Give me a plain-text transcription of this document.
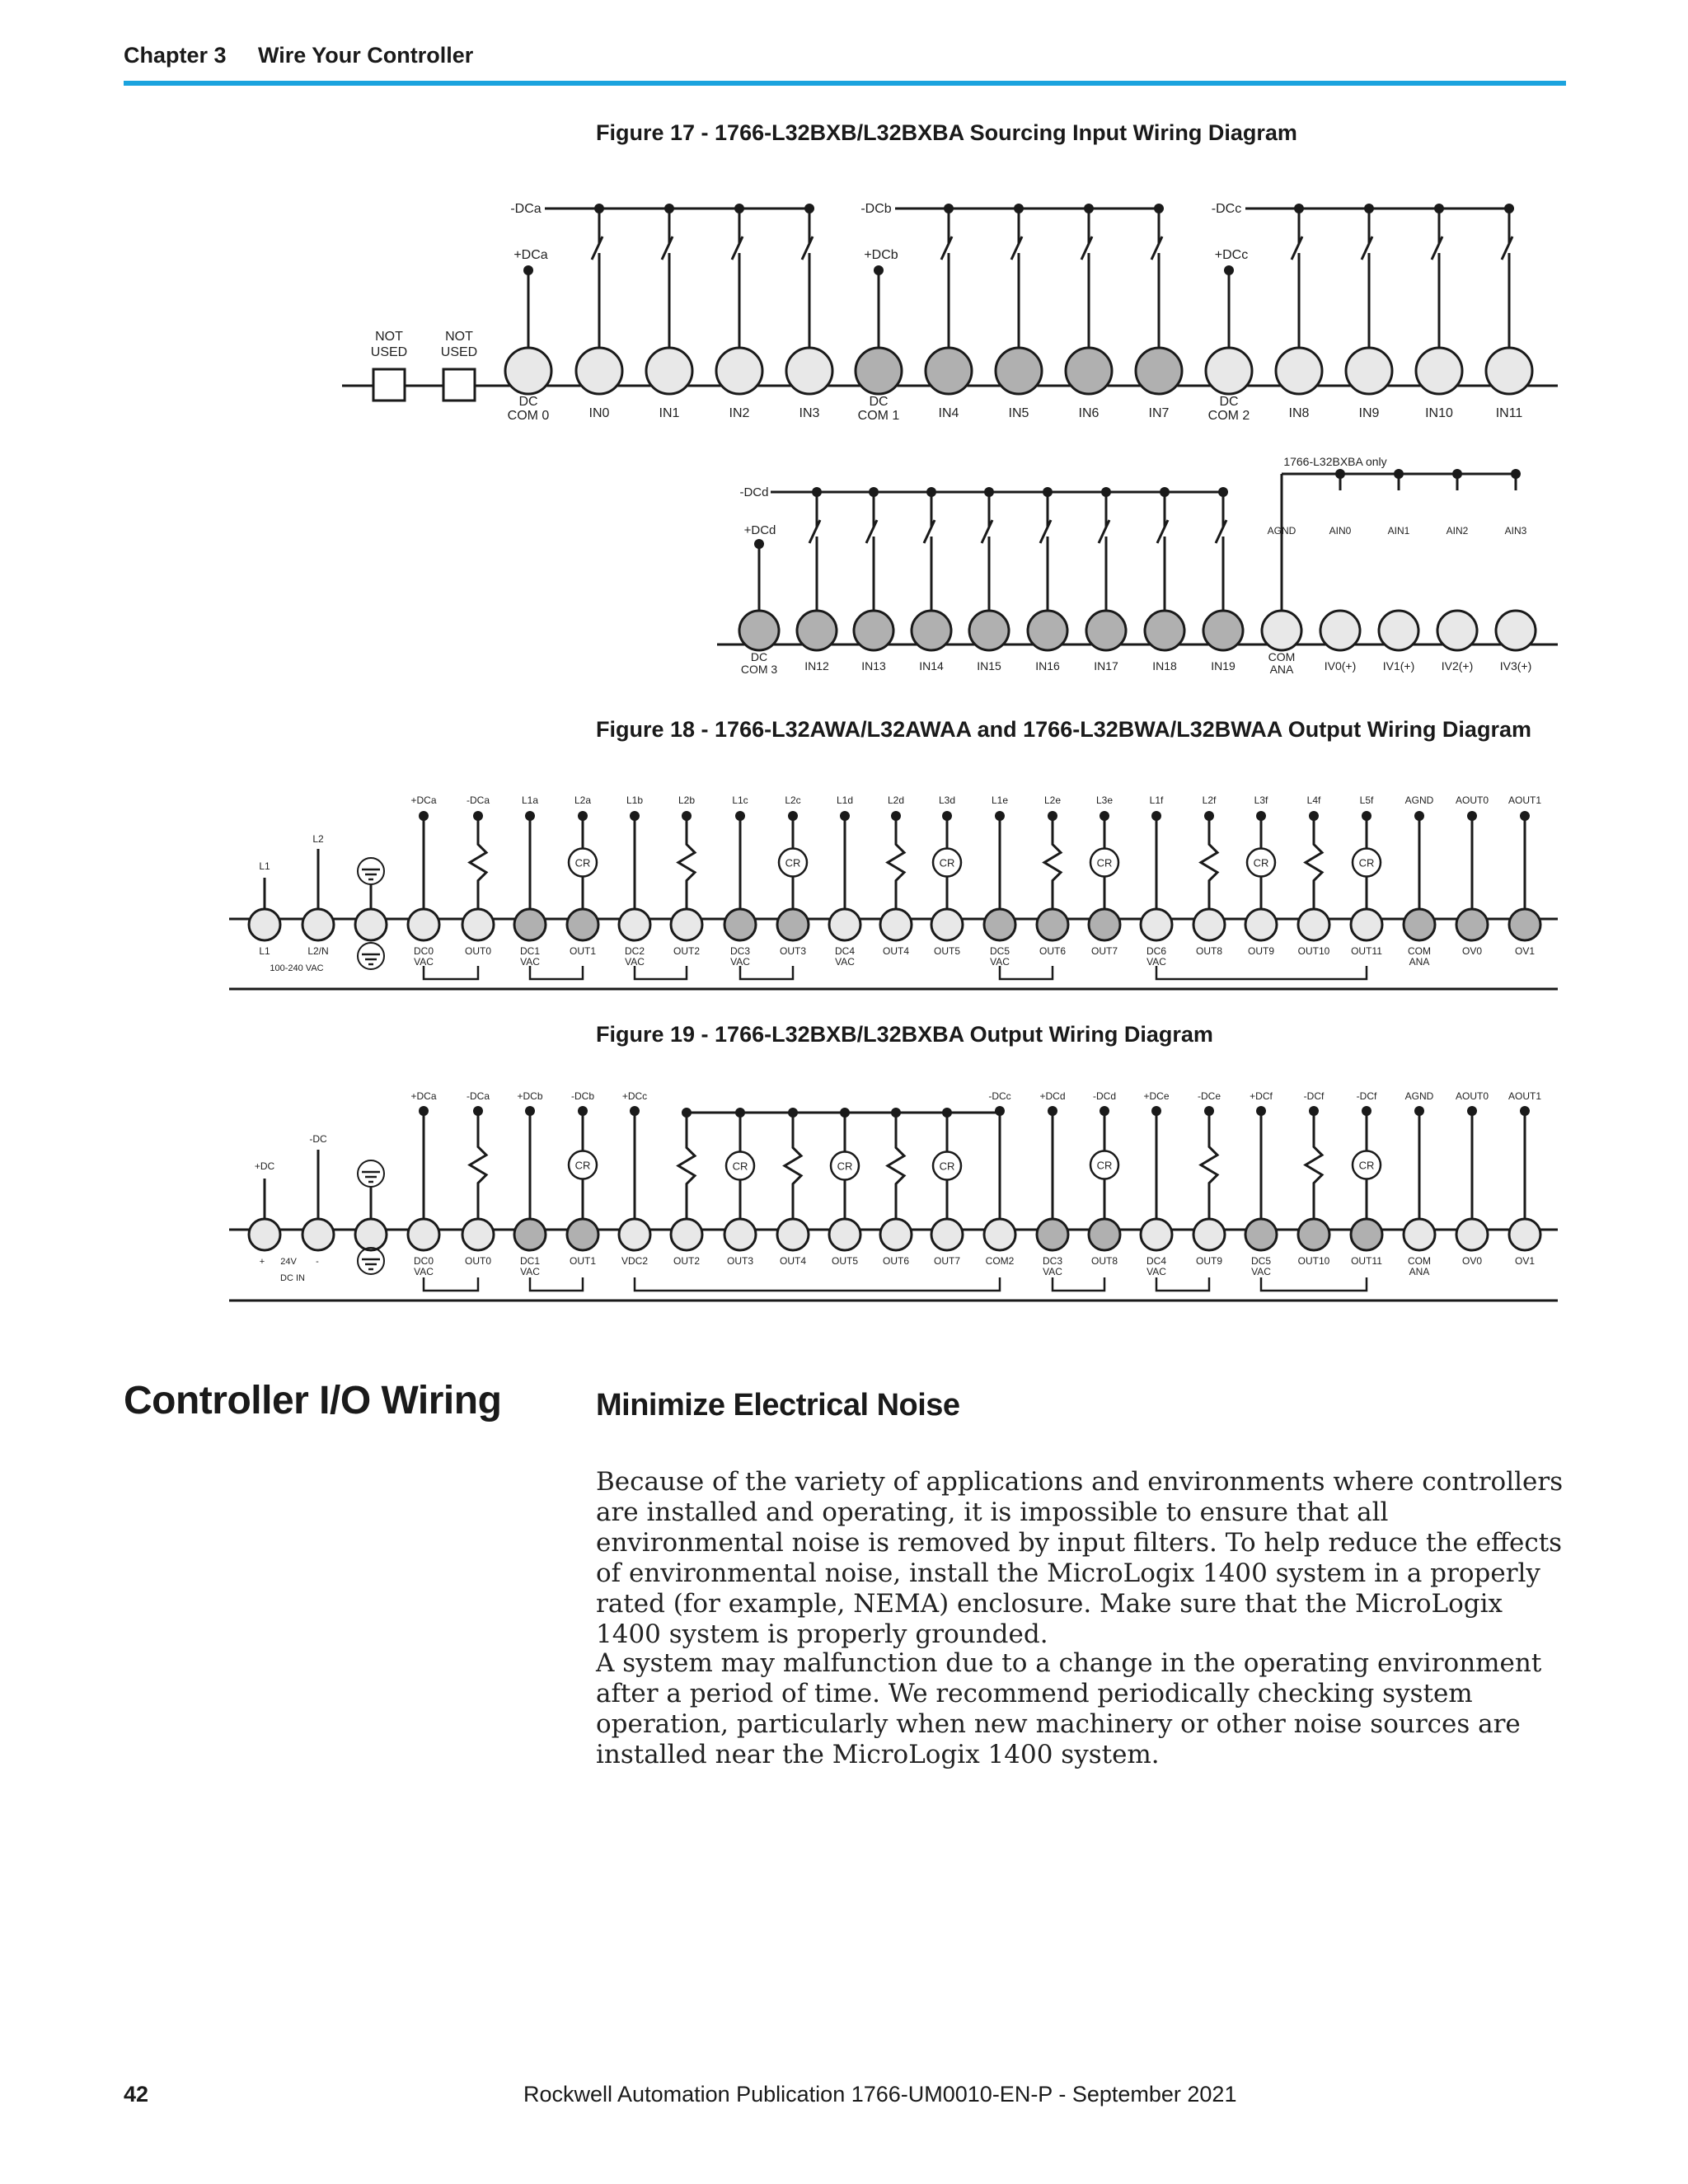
Chapter 3 Wire Your Controller
Figure 17 - 1766-L32BXB/L32BXBA Sourcing Input Wiring Diagram
NOT
USED
NOT
USED
DC
COM 0	IN0	IN1	IN2	IN3
DC
COM 1	IN4	IN5	IN6	IN7
DC
COM 2	IN8	IN9	IN10	IN11
-DCa
+DCa
-DCb
+DCb
-DCc
+DCc
DC
COM 3 IN12	IN13	IN14	IN15	IN16	IN17	IN18	IN19
COM
ANA	IV0(+) IV1(+) IV2(+) IV3(+)
-DCd
+DCd
1766-L32BXBA only
AGND	AIN0	AIN1	AIN2	AIN3
Figure 18 - 1766-L32AWA/L32AWAA and 1766-L32BWA/L32BWAA Output Wiring Diagram
L1	L2/N	DC0
VAC
OUT0	DC1
VAC
OUT1	DC2
VAC
OUT2	DC3
VAC
OUT3	DC4
VAC
OUT4 OUT5	DC5
VAC
OUT6	OUT7	DC6
VAC
OUT8	OUT9 OUT10 OUT11	COM
ANA
OV0	OV1
L1
L2
100-240 VAC
+DCa	-DCa	L1a	L2a	L1b	L2b	L1c	L2c	L1d	L2d	L3d	L1e	L2e	L3e	L1f	L2f	L3f	L4f	L5f	AGND AOUT0 AOUT1
CR	CR	CR	CR	CR	CR
Figure 19 - 1766-L32BXB/L32BXBA Output Wiring Diagram
DC0
VAC
OUT0	DC1
VAC
OUT1	VDC2	OUT2	OUT3	OUT4	OUT5 OUT6 OUT7	COM2	DC3
VAC
OUT8	DC4
VAC
OUT9	DC5
VAC
OUT10 OUT11	COM
ANA
OV0	OV1
+DC
-DC
+ 24V -
DC IN
+DCa	-DCa	+DCb	-DCb	+DCc	-DCc	+DCd	-DCd	+DCe	-DCe	+DCf	-DCf	-DCf	AGND AOUT0 AOUT1
CR	CR	CR
CR	CR	CR
Controller I/O Wiring	Minimize Electrical Noise

Because of the variety of applications and environments where controllers are installed and operating, it is impossible to ensure that all environmental noise is removed by input filters. To help reduce the effects of environmental noise, install the MicroLogix 1400 system in a properly rated (for example, NEMA) enclosure. Make sure that the MicroLogix 1400 system is properly grounded.

A system may malfunction due to a change in the operating environment after a period of time. We recommend periodically checking system operation, particularly when new machinery or other noise sources are installed near the MicroLogix 1400 system.

42	Rockwell Automation Publication 1766-UM0010-EN-P - September 2021
